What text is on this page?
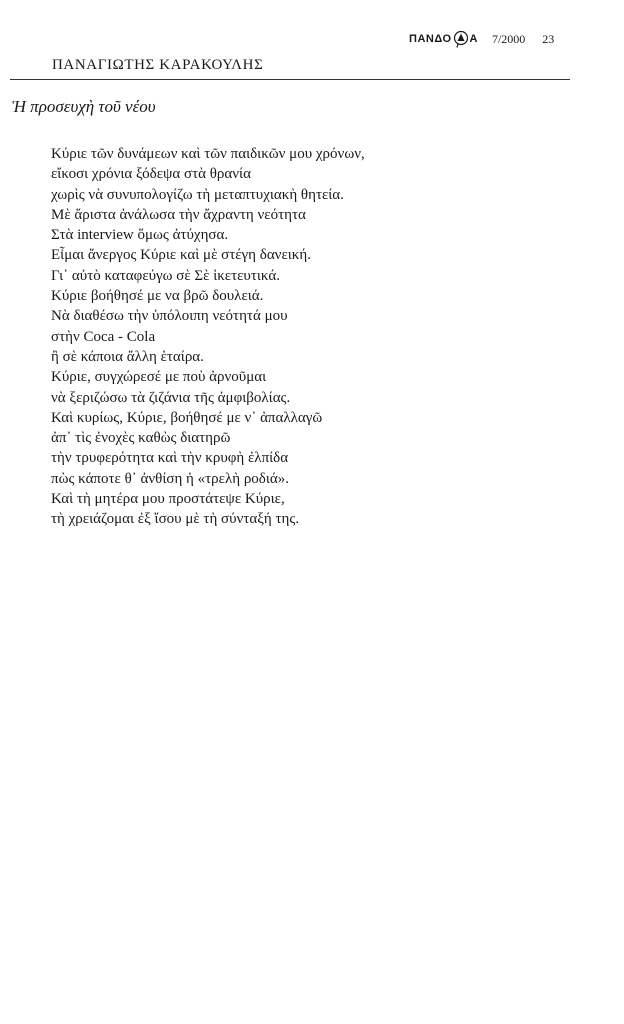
ΠΑΝΔΟ Α 7/2000 23
ΠΑΝΑΓΙΩΤΗΣ ΚΑΡΑΚΟΥΛΗΣ
Ἡ προσευχὴ τοῦ νέου
Κύριε τῶν δυνάμεων καὶ τῶν παιδικῶν μου χρόνων,
εἴκοσι χρόνια ξόδεψα στὰ θρανία
χωρὶς νὰ συνυπολογίζω τὴ μεταπτυχιακὴ θητεία.
Μὲ ἄριστα ἀνάλωσα τὴν ἄχραντη νεότητα
Στὰ interview ὅμως ἀτύχησα.
Εἶμαι ἄνεργος Κύριε καὶ μὲ στέγη δανεική.
Γι᾽ αὐτὸ καταφεύγω σὲ Σὲ ἱκετευτικά.
Κύριε βοήθησέ με να βρῶ δουλειά.
Νὰ διαθέσω τὴν ὑπόλοιπη νεότητά μου
στὴν Coca - Cola
ἢ σὲ κάποια ἄλλη ἑταίρα.
Κύριε, συγχώρεσέ με ποὺ ἀρνοῦμαι
νὰ ξεριζώσω τὰ ζιζάνια τῆς ἀμφιβολίας.
Καὶ κυρίως, Κύριε, βοήθησέ με ν᾽ ἀπαλλαγῶ
ἀπ᾽ τὶς ἐνοχὲς καθὼς διατηρῶ
τὴν τρυφερότητα καὶ τὴν κρυφὴ ἐλπίδα
πὼς κάποτε θ᾽ ἀνθίση ἡ «τρελὴ ροδιά».
Καὶ τὴ μητέρα μου προστάτεψε Κύριε,
τὴ χρειάζομαι ἐξ ἴσου μὲ τὴ σύνταξή της.
